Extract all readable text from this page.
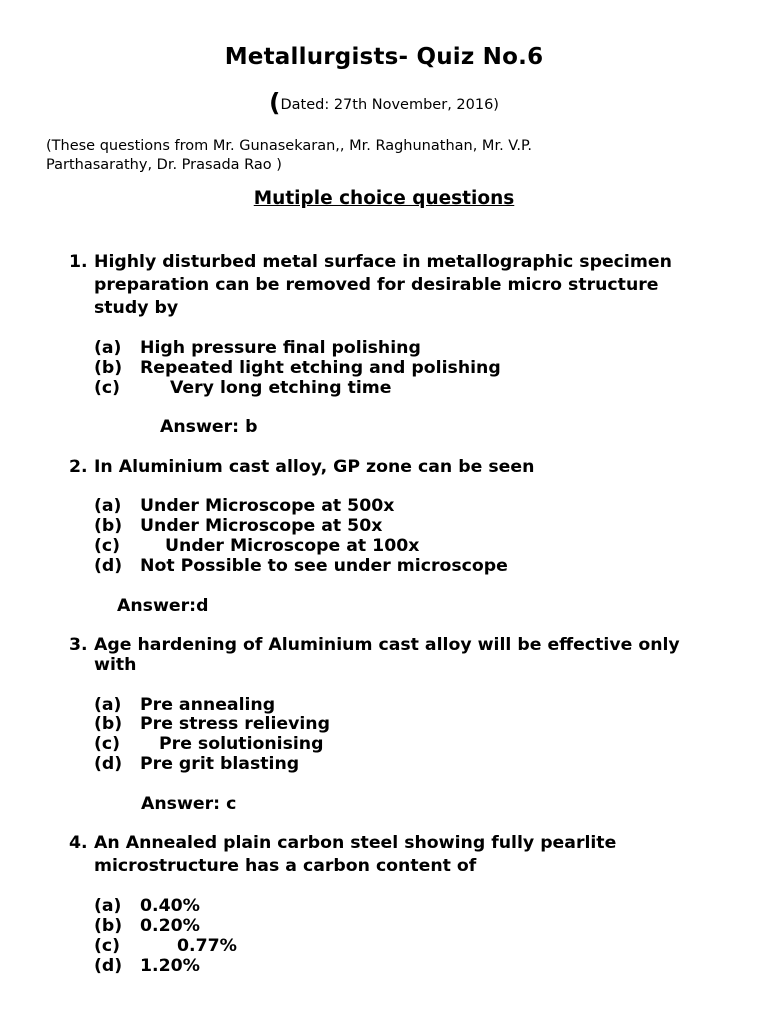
Metallurgists- Quiz No.6
(Dated: 27th November, 2016)
(These questions from Mr. Gunasekaran,, Mr. Raghunathan, Mr. V.P.
Parthasarathy, Dr. Prasada Rao )
Mutiple choice questions
1. Highly disturbed metal surface in metallographic specimen
preparation can be removed for desirable micro structure
study by
(a) High pressure final polishing
(b) Repeated light etching and polishing
(c)	Very long etching time
Answer: b
2. In Aluminium cast alloy, GP zone can be seen
(a) Under Microscope at 500x
(b) Under Microscope at 50x
(c)	Under Microscope at 100x
(d) Not Possible to see under microscope
Answer:d
3. Age hardening of Aluminium cast alloy will be effective only
with
(a) Pre annealing
(b) Pre stress relieving
(c) Pre solutionising
(d) Pre grit blasting
Answer: c
4. An Annealed plain carbon steel showing fully pearlite
microstructure has a carbon content of
(a) 0.40%
(b) 0.20%
(c)	0.77%
(d) 1.20%
